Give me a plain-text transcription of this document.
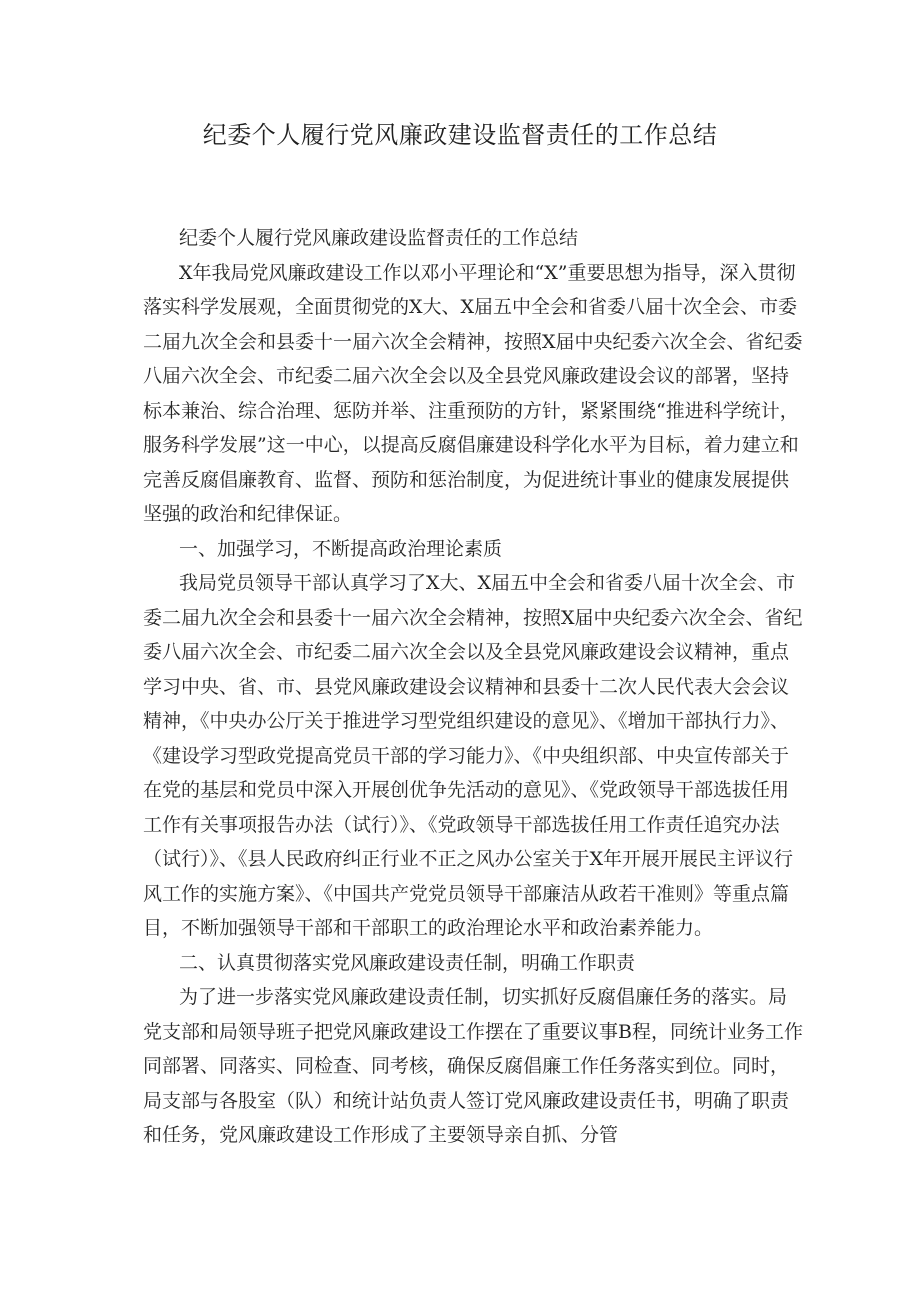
纪委个人履行党风廉政建设监督责任的工作总结

纪委个人履行党风廉政建设监督责任的工作总结

X年我局党风廉政建设工作以邓小平理论和“X”重要思想为指导，深入贯彻落实科学发展观，全面贯彻党的X大、X届五中全会和省委八届十次全会、市委二届九次全会和县委十一届六次全会精神，按照X届中央纪委六次全会、省纪委八届六次全会、市纪委二届六次全会以及全县党风廉政建设会议的部署，坚持标本兼治、综合治理、惩防并举、注重预防的方针，紧紧围绕“推进科学统计，服务科学发展”这一中心，以提高反腐倡廉建设科学化水平为目标，着力建立和完善反腐倡廉教育、监督、预防和惩治制度，为促进统计事业的健康发展提供坚强的政治和纪律保证。

一、加强学习，不断提高政治理论素质

我局党员领导干部认真学习了X大、X届五中全会和省委八届十次全会、市委二届九次全会和县委十一届六次全会精神，按照X届中央纪委六次全会、省纪委八届六次全会、市纪委二届六次全会以及全县党风廉政建设会议精神，重点学习中央、省、市、县党风廉政建设会议精神和县委十二次人民代表大会会议精神，《中央办公厅关于推进学习型党组织建设的意见》、《增加干部执行力》、《建设学习型政党提高党员干部的学习能力》、《中央组织部、中央宣传部关于在党的基层和党员中深入开展创优争先活动的意见》、《党政领导干部选拔任用工作有关事项报告办法（试行）》、《党政领导干部选拔任用工作责任追究办法（试行）》、《县人民政府纠正行业不正之风办公室关于X年开展开展民主评议行风工作的实施方案》、《中国共产党党员领导干部廉洁从政若干准则》等重点篇目，不断加强领导干部和干部职工的政治理论水平和政治素养能力。

二、认真贯彻落实党风廉政建设责任制，明确工作职责

为了进一步落实党风廉政建设责任制，切实抓好反腐倡廉任务的落实。局党支部和局领导班子把党风廉政建设工作摆在了重要议事B程，同统计业务工作同部署、同落实、同检查、同考核，确保反腐倡廉工作任务落实到位。同时，局支部与各股室（队）和统计站负责人签订党风廉政建设责任书，明确了职责和任务，党风廉政建设工作形成了主要领导亲自抓、分管
